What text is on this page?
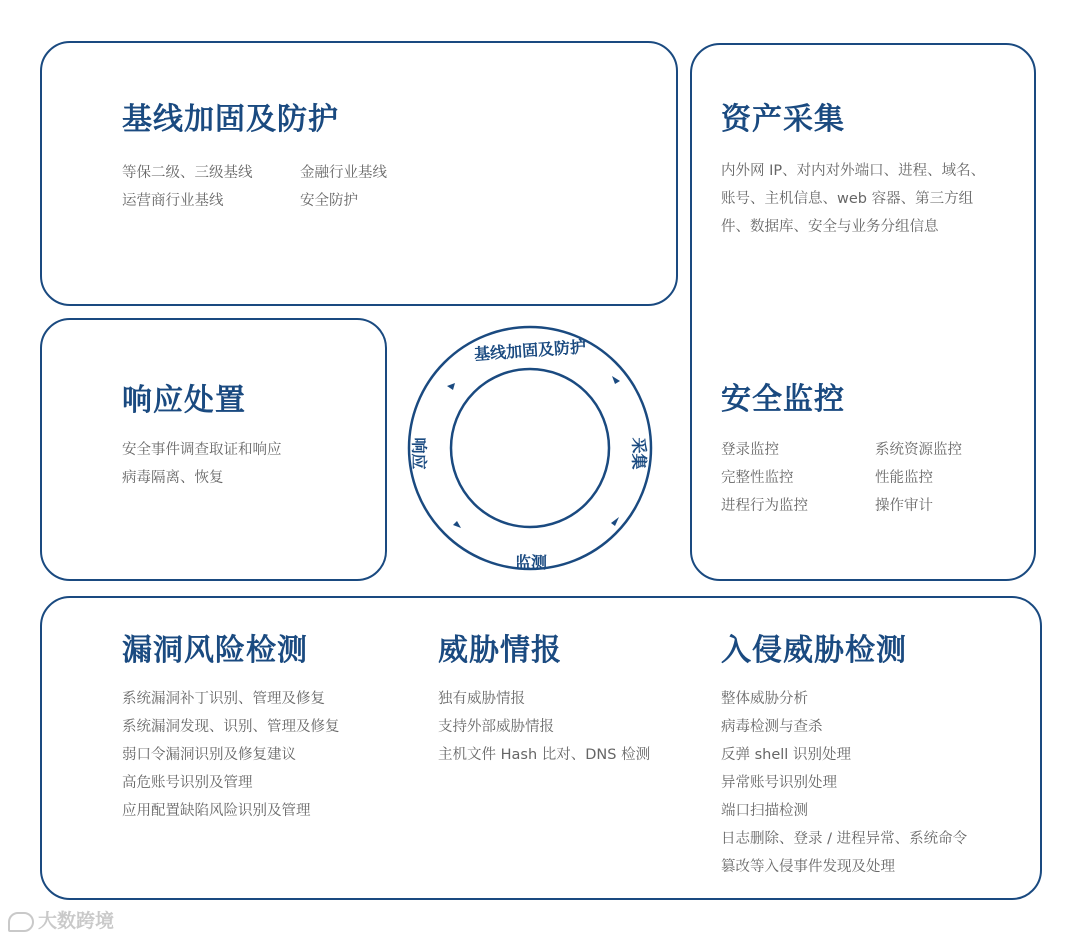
基线加固及防护
等保二级、三级基线	金融行业基线
运营商行业基线	安全防护
资产采集
内外网 IP、对内对外端口、进程、域名、
账号、主机信息、web 容器、第三方组
件、数据库、安全与业务分组信息
安全监控
登录监控	系统资源监控
完整性监控	性能监控
进程行为监控	操作审计
响应处置
安全事件调查取证和响应
病毒隔离、恢复
基线加固及防护
采集
监测
响应
漏洞风险检测
系统漏洞补丁识别、管理及修复
系统漏洞发现、识别、管理及修复
弱口令漏洞识别及修复建议
高危账号识别及管理
应用配置缺陷风险识别及管理
威胁情报
独有威胁情报
支持外部威胁情报
主机文件 Hash 比对、DNS 检测
入侵威胁检测
整体威胁分析
病毒检测与查杀
反弹 shell 识别处理
异常账号识别处理
端口扫描检测
日志删除、登录 / 进程异常、系统命令
篡改等入侵事件发现及处理
大数跨境
